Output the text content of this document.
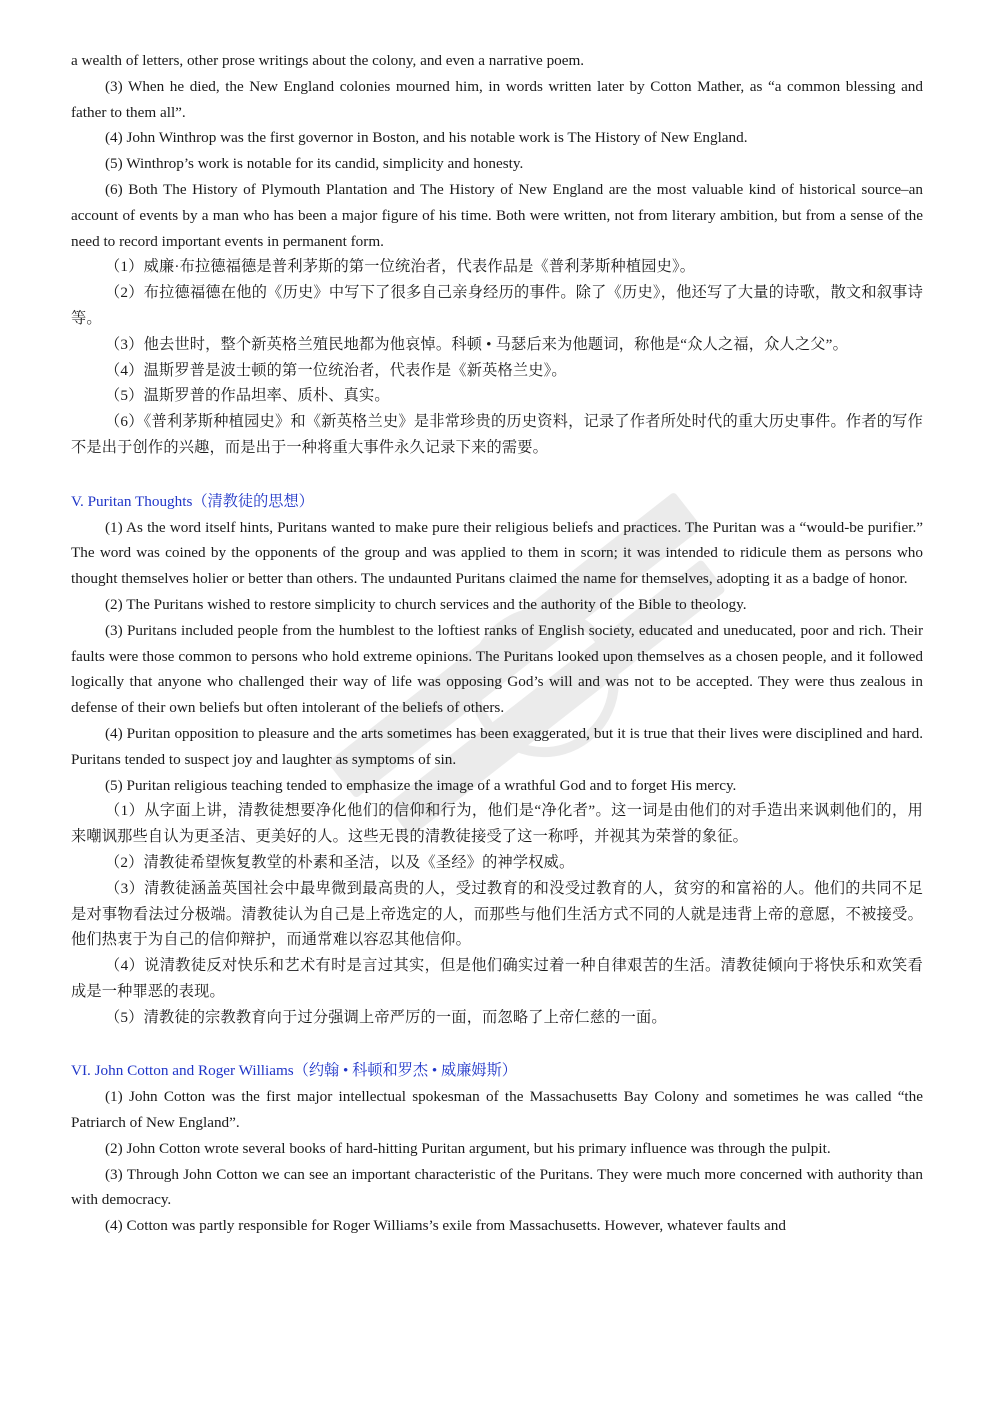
a wealth of letters, other prose writings about the colony, and even a narrative poem.

(3) When he died, the New England colonies mourned him, in words written later by Cotton Mather, as “a common blessing and father to them all”.

(4) John Winthrop was the first governor in Boston, and his notable work is The History of New England.

(5) Winthrop’s work is notable for its candid, simplicity and honesty.

(6) Both The History of Plymouth Plantation and The History of New England are the most valuable kind of historical source–an account of events by a man who has been a major figure of his time. Both were written, not from literary ambition, but from a sense of the need to record important events in permanent form.

（1）威廉·布拉德福德是普利茅斯的第一位统治者，代表作品是《普利茅斯种植园史》。

（2）布拉德福德在他的《历史》中写下了很多自己亲身经历的事件。除了《历史》，他还写了大量的诗歌，散文和叙事诗等。

（3）他去世时，整个新英格兰殖民地都为他哀悼。科顿 • 马瑟后来为他题词，称他是“众人之福，众人之父”。

（4）温斯罗普是波士顿的第一位统治者，代表作是《新英格兰史》。

（5）温斯罗普的作品坦率、质朴、真实。

（6）《普利茅斯种植园史》和《新英格兰史》是非常珍贵的历史资料，记录了作者所处时代的重大历史事件。作者的写作不是出于创作的兴趣，而是出于一种将重大事件永久记录下来的需要。

V. Puritan Thoughts（清教徒的思想）

(1) As the word itself hints, Puritans wanted to make pure their religious beliefs and practices. The Puritan was a “would-be purifier.” The word was coined by the opponents of the group and was applied to them in scorn; it was intended to ridicule them as persons who thought themselves holier or better than others. The undaunted Puritans claimed the name for themselves, adopting it as a badge of honor.

(2) The Puritans wished to restore simplicity to church services and the authority of the Bible to theology.

(3) Puritans included people from the humblest to the loftiest ranks of English society, educated and uneducated, poor and rich. Their faults were those common to persons who hold extreme opinions. The Puritans looked upon themselves as a chosen people, and it followed logically that anyone who challenged their way of life was opposing God’s will and was not to be accepted. They were thus zealous in defense of their own beliefs but often intolerant of the beliefs of others.

(4) Puritan opposition to pleasure and the arts sometimes has been exaggerated, but it is true that their lives were disciplined and hard. Puritans tended to suspect joy and laughter as symptoms of sin.

(5) Puritan religious teaching tended to emphasize the image of a wrathful God and to forget His mercy.

（1）从字面上讲，清教徒想要净化他们的信仰和行为，他们是“净化者”。这一词是由他们的对手造出来讽刺他们的，用来嘲讽那些自认为更圣洁、更美好的人。这些无畏的清教徒接受了这一称呼，并视其为荣誉的象征。

（2）清教徒希望恢复教堂的朴素和圣洁，以及《圣经》的神学权威。

（3）清教徒涵盖英国社会中最卑微到最高贵的人，受过教育的和没受过教育的人，贫穷的和富裕的人。他们的共同不足是对事物看法过分极端。清教徒认为自己是上帝选定的人，而那些与他们生活方式不同的人就是违背上帝的意愿，不被接受。他们热衷于为自己的信仰辩护，而通常难以容忍其他信仰。

（4）说清教徒反对快乐和艺术有时是言过其实，但是他们确实过着一种自律艰苦的生活。清教徒倾向于将快乐和欢笑看成是一种罪恶的表现。

（5）清教徒的宗教教育向于过分强调上帝严厉的一面，而忽略了上帝仁慈的一面。

VI. John Cotton and Roger Williams（约翰 • 科顿和罗杰 • 威廉姆斯）

(1) John Cotton was the first major intellectual spokesman of the Massachusetts Bay Colony and sometimes he was called “the Patriarch of New England”.

(2) John Cotton wrote several books of hard-hitting Puritan argument, but his primary influence was through the pulpit.

(3) Through John Cotton we can see an important characteristic of the Puritans. They were much more concerned with authority than with democracy.

(4) Cotton was partly responsible for Roger Williams’s exile from Massachusetts. However, whatever faults and
